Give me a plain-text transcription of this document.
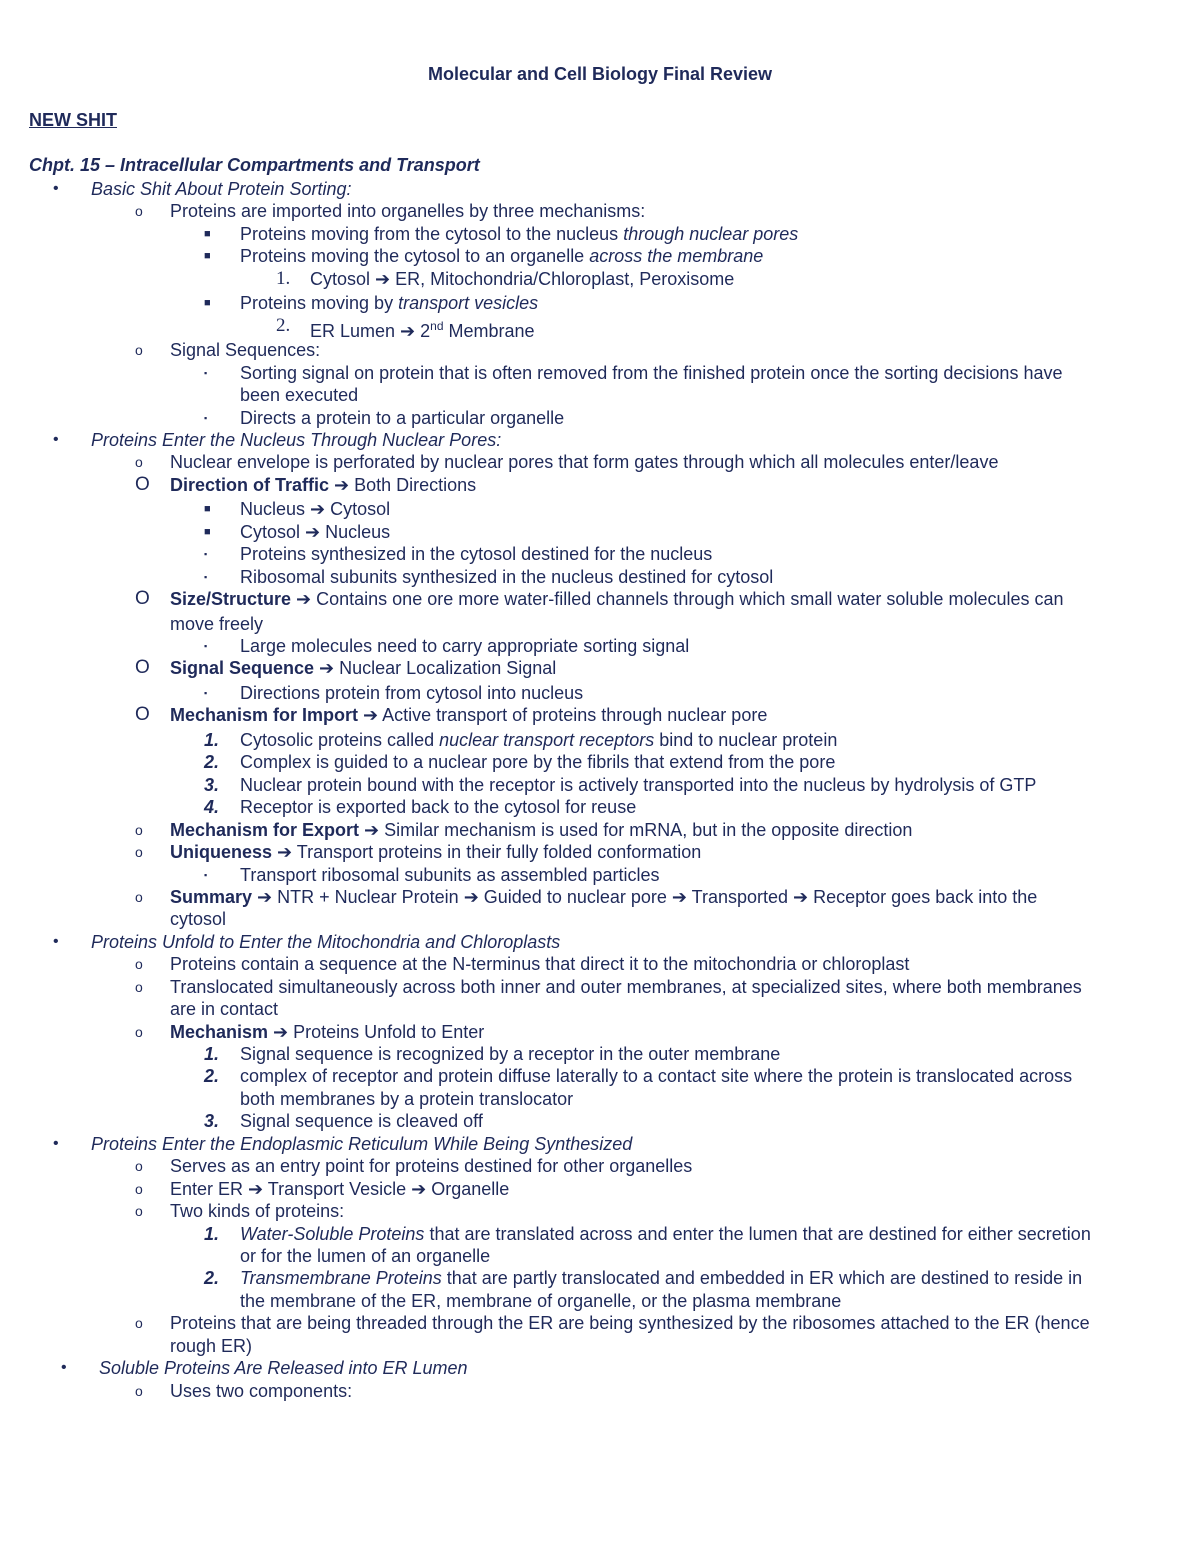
Molecular and Cell Biology Final Review
NEW SHIT
Chpt. 15 – Intracellular Compartments and Transport
• Basic Shit About Protein Sorting:
o Proteins are imported into organelles by three mechanisms:
■ Proteins moving from the cytosol to the nucleus through nuclear pores
■ Proteins moving the cytosol to an organelle across the membrane
1. Cytosol ➔ ER, Mitochondria/Chloroplast, Peroxisome
■ Proteins moving by transport vesicles
2. ER Lumen ➔ 2nd Membrane
o Signal Sequences:
▪ Sorting signal on protein that is often removed from the finished protein once the sorting decisions have
been executed
▪ Directs a protein to a particular organelle
• Proteins Enter the Nucleus Through Nuclear Pores:
o Nuclear envelope is perforated by nuclear pores that form gates through which all molecules enter/leave
O Direction of Traffic ➔ Both Directions
■ Nucleus ➔ Cytosol
■ Cytosol ➔ Nucleus
▪ Proteins synthesized in the cytosol destined for the nucleus
▪ Ribosomal subunits synthesized in the nucleus destined for cytosol
O Size/Structure ➔ Contains one ore more water-filled channels through which small water soluble molecules can
move freely
▪ Large molecules need to carry appropriate sorting signal
O Signal Sequence ➔ Nuclear Localization Signal
▪ Directions protein from cytosol into nucleus
O Mechanism for Import ➔ Active transport of proteins through nuclear pore
1. Cytosolic proteins called nuclear transport receptors bind to nuclear protein
2. Complex is guided to a nuclear pore by the fibrils that extend from the pore
3. Nuclear protein bound with the receptor is actively transported into the nucleus by hydrolysis of GTP
4. Receptor is exported back to the cytosol for reuse
o Mechanism for Export ➔ Similar mechanism is used for mRNA, but in the opposite direction
o Uniqueness ➔ Transport proteins in their fully folded conformation
▪ Transport ribosomal subunits as assembled particles
o Summary ➔ NTR + Nuclear Protein ➔ Guided to nuclear pore ➔ Transported ➔ Receptor goes back into the
cytosol
• Proteins Unfold to Enter the Mitochondria and Chloroplasts
o Proteins contain a sequence at the N-terminus that direct it to the mitochondria or chloroplast
o Translocated simultaneously across both inner and outer membranes, at specialized sites, where both membranes
are in contact
o Mechanism ➔ Proteins Unfold to Enter
1. Signal sequence is recognized by a receptor in the outer membrane
2. complex of receptor and protein diffuse laterally to a contact site where the protein is translocated across
both membranes by a protein translocator
3. Signal sequence is cleaved off
• Proteins Enter the Endoplasmic Reticulum While Being Synthesized
o Serves as an entry point for proteins destined for other organelles
o Enter ER ➔ Transport Vesicle ➔ Organelle
o Two kinds of proteins:
1. Water-Soluble Proteins that are translated across and enter the lumen that are destined for either secretion
or for the lumen of an organelle
2. Transmembrane Proteins that are partly translocated and embedded in ER which are destined to reside in
the membrane of the ER, membrane of organelle, or the plasma membrane
o Proteins that are being threaded through the ER are being synthesized by the ribosomes attached to the ER (hence
rough ER)
• Soluble Proteins Are Released into ER Lumen
o Uses two components:
